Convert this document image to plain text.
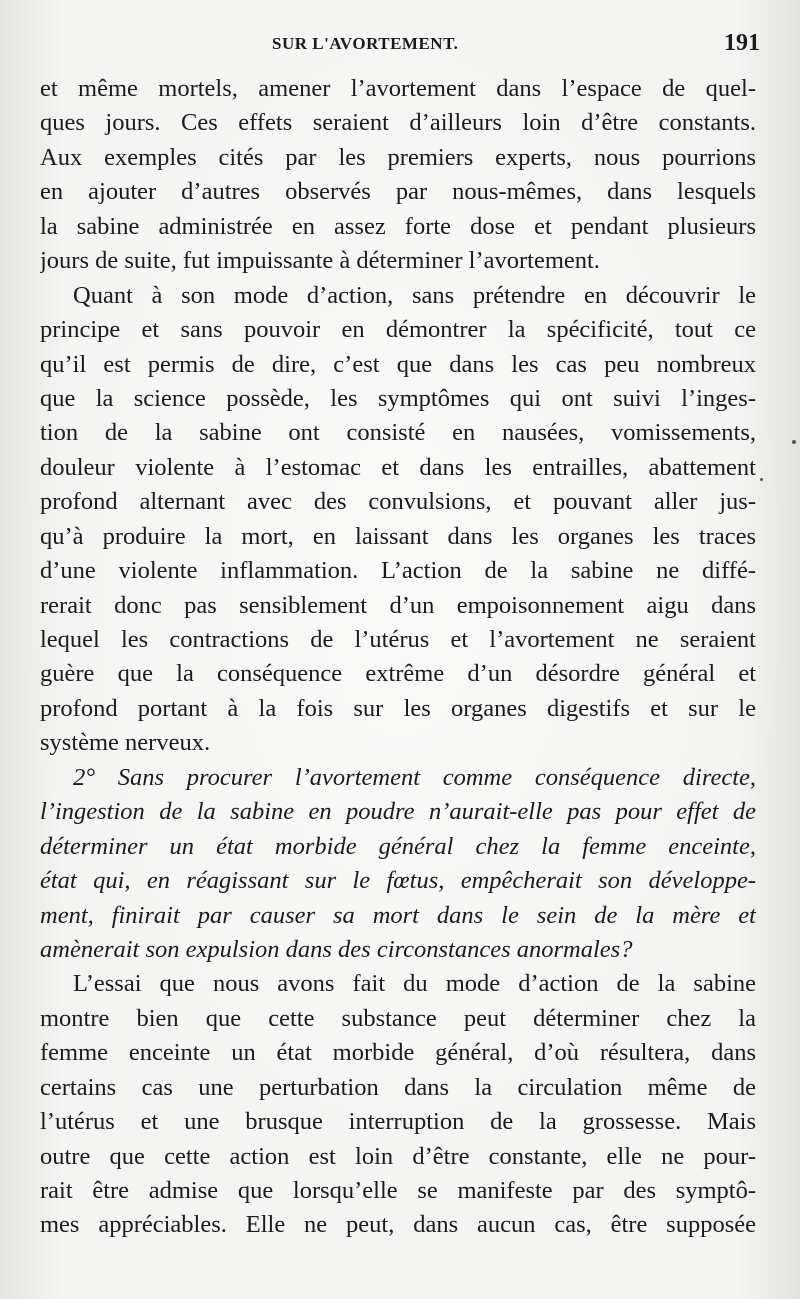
SUR L'AVORTEMENT.	191
et même mortels, amener l’avortement dans l’espace de quel-
ques jours. Ces effets seraient d’ailleurs loin d’être constants.
Aux exemples cités par les premiers experts, nous pourrions
en ajouter d’autres observés par nous-mêmes, dans lesquels
la sabine administrée en assez forte dose et pendant plusieurs
jours de suite, fut impuissante à déterminer l’avortement.
Quant à son mode d’action, sans prétendre en découvrir le
principe et sans pouvoir en démontrer la spécificité, tout ce
qu’il est permis de dire, c’est que dans les cas peu nombreux
que la science possède, les symptômes qui ont suivi l’inges-
tion de la sabine ont consisté en nausées, vomissements,
douleur violente à l’estomac et dans les entrailles, abattement
profond alternant avec des convulsions, et pouvant aller jus-
qu’à produire la mort, en laissant dans les organes les traces
d’une violente inflammation. L’action de la sabine ne diffé-
rerait donc pas sensiblement d’un empoisonnement aigu dans
lequel les contractions de l’utérus et l’avortement ne seraient
guère que la conséquence extrême d’un désordre général et
profond portant à la fois sur les organes digestifs et sur le
système nerveux.
2° Sans procurer l’avortement comme conséquence directe,
l’ingestion de la sabine en poudre n’aurait-elle pas pour effet de
déterminer un état morbide général chez la femme enceinte,
état qui, en réagissant sur le fœtus, empêcherait son développe-
ment, finirait par causer sa mort dans le sein de la mère et
amènerait son expulsion dans des circonstances anormales?
L’essai que nous avons fait du mode d’action de la sabine
montre bien que cette substance peut déterminer chez la
femme enceinte un état morbide général, d’où résultera, dans
certains cas une perturbation dans la circulation même de
l’utérus et une brusque interruption de la grossesse. Mais
outre que cette action est loin d’être constante, elle ne pour-
rait être admise que lorsqu’elle se manifeste par des symptô-
mes appréciables. Elle ne peut, dans aucun cas, être supposée
